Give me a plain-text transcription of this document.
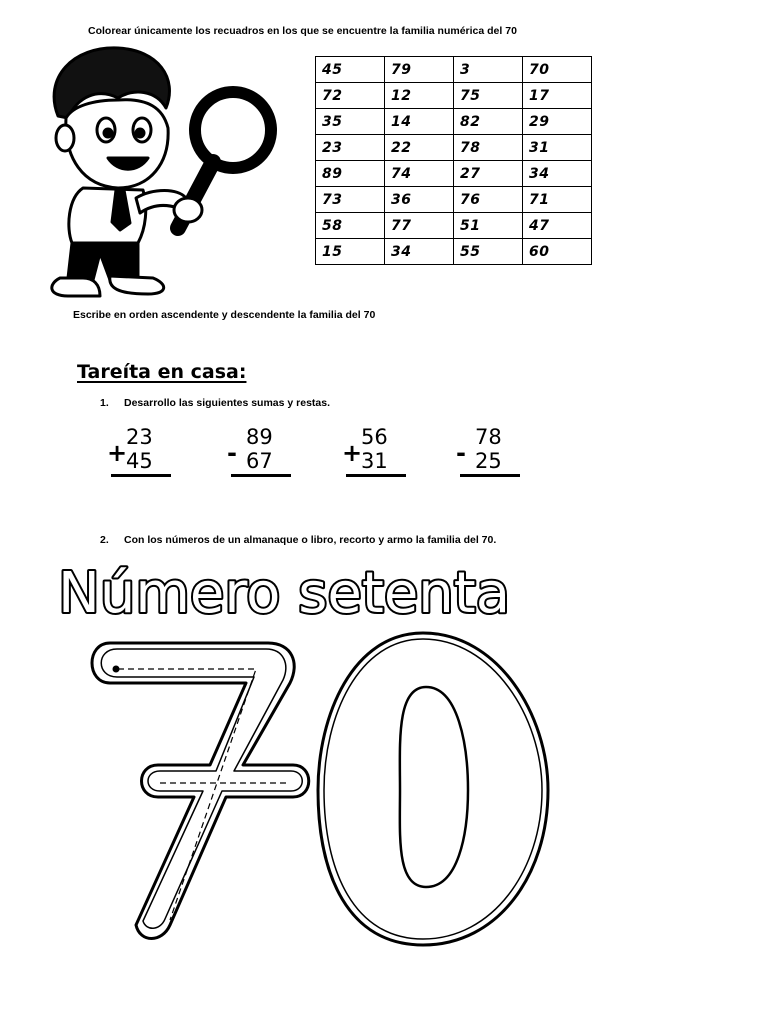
Colorear únicamente los recuadros en los que se encuentre la familia numérica del 70
45	79	3	70
72	12	75	17
35	14	82	29
23	22	78	31
89	74	27	34
73	36	76	71
58	77	51	47
15	34	55	60
Escribe en orden ascendente y descendente la familia del 70
Tareíta en casa:
1. Desarrollo las siguientes sumas y restas.
23
+
45
89
- 67
56
+
31
78
- 25
2. Con los números de un almanaque o libro, recorto y armo la familia del 70.
Número setenta
